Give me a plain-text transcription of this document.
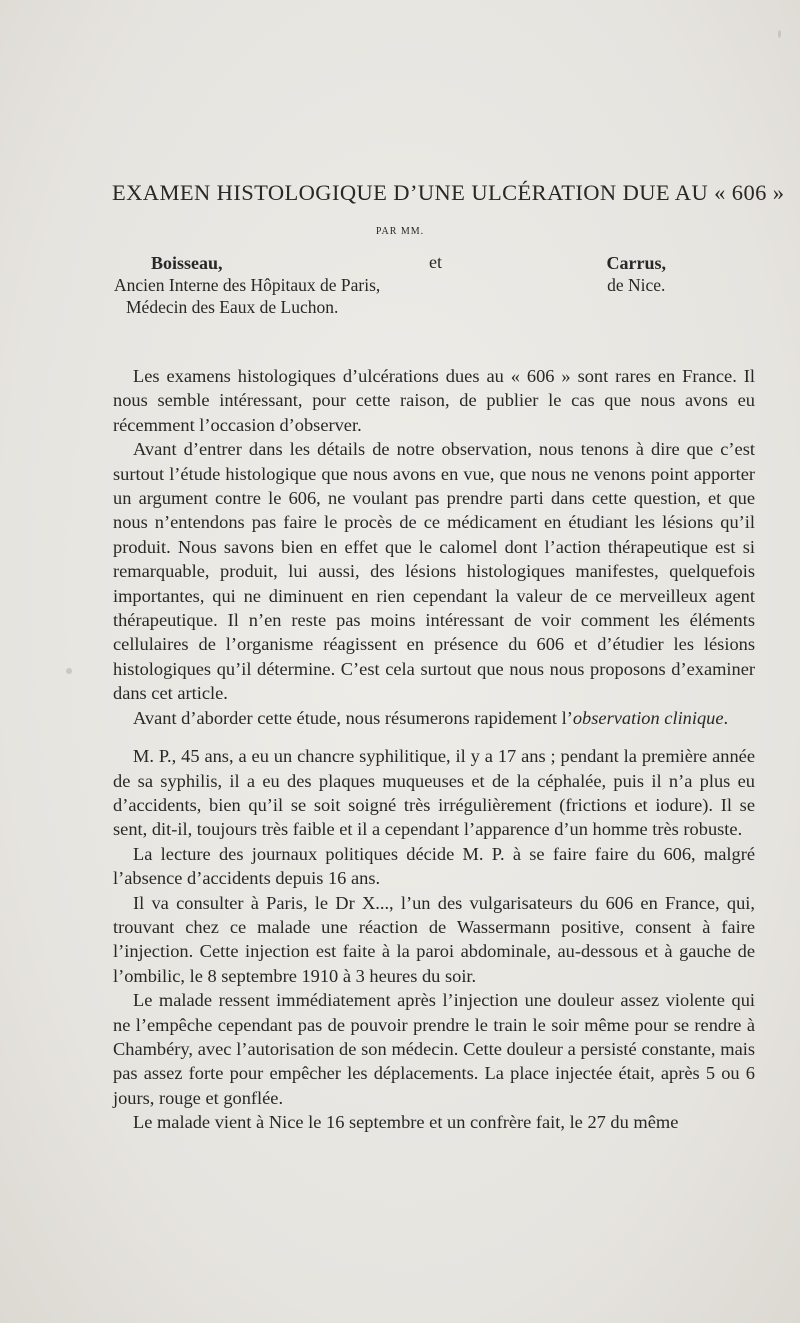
EXAMEN HISTOLOGIQUE D’UNE ULCÉRATION DUE AU « 606 »
PAR MM.
Boisseau,
Ancien Interne des Hôpitaux de Paris,
Médecin des Eaux de Luchon.
et	Carrus,
de Nice.

Les examens histologiques d’ulcérations dues au « 606 » sont rares en France. Il nous semble intéressant, pour cette raison, de publier le cas que nous avons eu récemment l’occasion d’observer.

Avant d’entrer dans les détails de notre observation, nous tenons à dire que c’est surtout l’étude histologique que nous avons en vue, que nous ne venons point apporter un argument contre le 606, ne voulant pas prendre parti dans cette question, et que nous n’entendons pas faire le procès de ce médicament en étudiant les lésions qu’il produit. Nous savons bien en effet que le calomel dont l’action thérapeutique est si remarquable, produit, lui aussi, des lésions histologiques manifestes, quelquefois importantes, qui ne diminuent en rien cependant la valeur de ce merveilleux agent thérapeutique. Il n’en reste pas moins intéressant de voir comment les éléments cellulaires de l’organisme réagissent en présence du 606 et d’étudier les lésions histologiques qu’il détermine. C’est cela surtout que nous nous proposons d’examiner dans cet article.

Avant d’aborder cette étude, nous résumerons rapidement l’observation clinique.

M. P., 45 ans, a eu un chancre syphilitique, il y a 17 ans ; pendant la première année de sa syphilis, il a eu des plaques muqueuses et de la céphalée, puis il n’a plus eu d’accidents, bien qu’il se soit soigné très irrégulièrement (frictions et iodure). Il se sent, dit-il, toujours très faible et il a cependant l’apparence d’un homme très robuste.

La lecture des journaux politiques décide M. P. à se faire faire du 606, malgré l’absence d’accidents depuis 16 ans.

Il va consulter à Paris, le Dr X..., l’un des vulgarisateurs du 606 en France, qui, trouvant chez ce malade une réaction de Wassermann positive, consent à faire l’injection. Cette injection est faite à la paroi abdominale, au-dessous et à gauche de l’ombilic, le 8 septembre 1910 à 3 heures du soir.

Le malade ressent immédiatement après l’injection une douleur assez violente qui ne l’empêche cependant pas de pouvoir prendre le train le soir même pour se rendre à Chambéry, avec l’autorisation de son médecin. Cette douleur a persisté constante, mais pas assez forte pour empêcher les déplacements. La place injectée était, après 5 ou 6 jours, rouge et gonflée.

Le malade vient à Nice le 16 septembre et un confrère fait, le 27 du même
